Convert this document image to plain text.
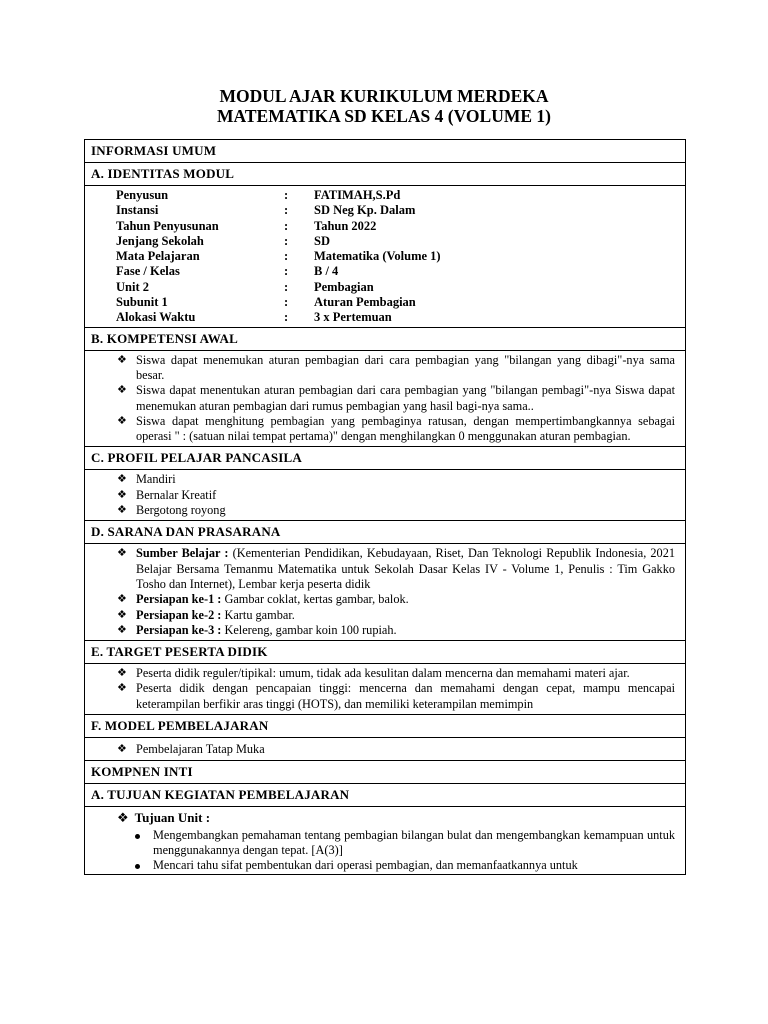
MODUL AJAR KURIKULUM MERDEKA
MATEMATIKA SD KELAS 4 (VOLUME 1)
INFORMASI UMUM
A. IDENTITAS MODUL
Penyusun	:	FATIMAH,S.Pd
Instansi	:	SD Neg Kp. Dalam
Tahun Penyusunan	:	Tahun 2022
Jenjang Sekolah	:	SD
Mata Pelajaran	:	Matematika (Volume 1)
Fase / Kelas	:	B / 4
Unit 2	:	Pembagian
Subunit 1	:	Aturan Pembagian
Alokasi Waktu	:	3 x Pertemuan
B. KOMPETENSI AWAL
❖ Siswa dapat menemukan aturan pembagian dari cara pembagian yang "bilangan yang dibagi"-nya sama besar.
❖ Siswa dapat menentukan aturan pembagian dari cara pembagian yang "bilangan pembagi"-nya Siswa dapat menemukan aturan pembagian dari rumus pembagian yang hasil bagi-nya sama..
❖ Siswa dapat menghitung pembagian yang pembaginya ratusan, dengan mempertimbangkannya sebagai operasi " : (satuan nilai tempat pertama)" dengan menghilangkan 0 menggunakan aturan pembagian.
C. PROFIL PELAJAR PANCASILA
❖ Mandiri
❖ Bernalar Kreatif
❖ Bergotong royong
D. SARANA DAN PRASARANA
❖ Sumber Belajar : (Kementerian Pendidikan, Kebudayaan, Riset, Dan Teknologi Republik Indonesia, 2021 Belajar Bersama Temanmu Matematika untuk Sekolah Dasar Kelas IV - Volume 1, Penulis : Tim Gakko Tosho dan Internet), Lembar kerja peserta didik
❖ Persiapan ke-1 : Gambar coklat, kertas gambar, balok.
❖ Persiapan ke-2 : Kartu gambar.
❖ Persiapan ke-3 : Kelereng, gambar koin 100 rupiah.
E. TARGET PESERTA DIDIK
❖ Peserta didik reguler/tipikal: umum, tidak ada kesulitan dalam mencerna dan memahami materi ajar.
❖ Peserta didik dengan pencapaian tinggi: mencerna dan memahami dengan cepat, mampu mencapai keterampilan berfikir aras tinggi (HOTS), dan memiliki keterampilan memimpin
F. MODEL PEMBELAJARAN
❖ Pembelajaran Tatap Muka
KOMPNEN INTI
A. TUJUAN KEGIATAN PEMBELAJARAN
❖ Tujuan Unit :
Mengembangkan pemahaman tentang pembagian bilangan bulat dan mengembangkan kemampuan untuk menggunakannya dengan tepat. [A(3)]
Mencari tahu sifat pembentukan dari operasi pembagian, dan memanfaatkannya untuk
